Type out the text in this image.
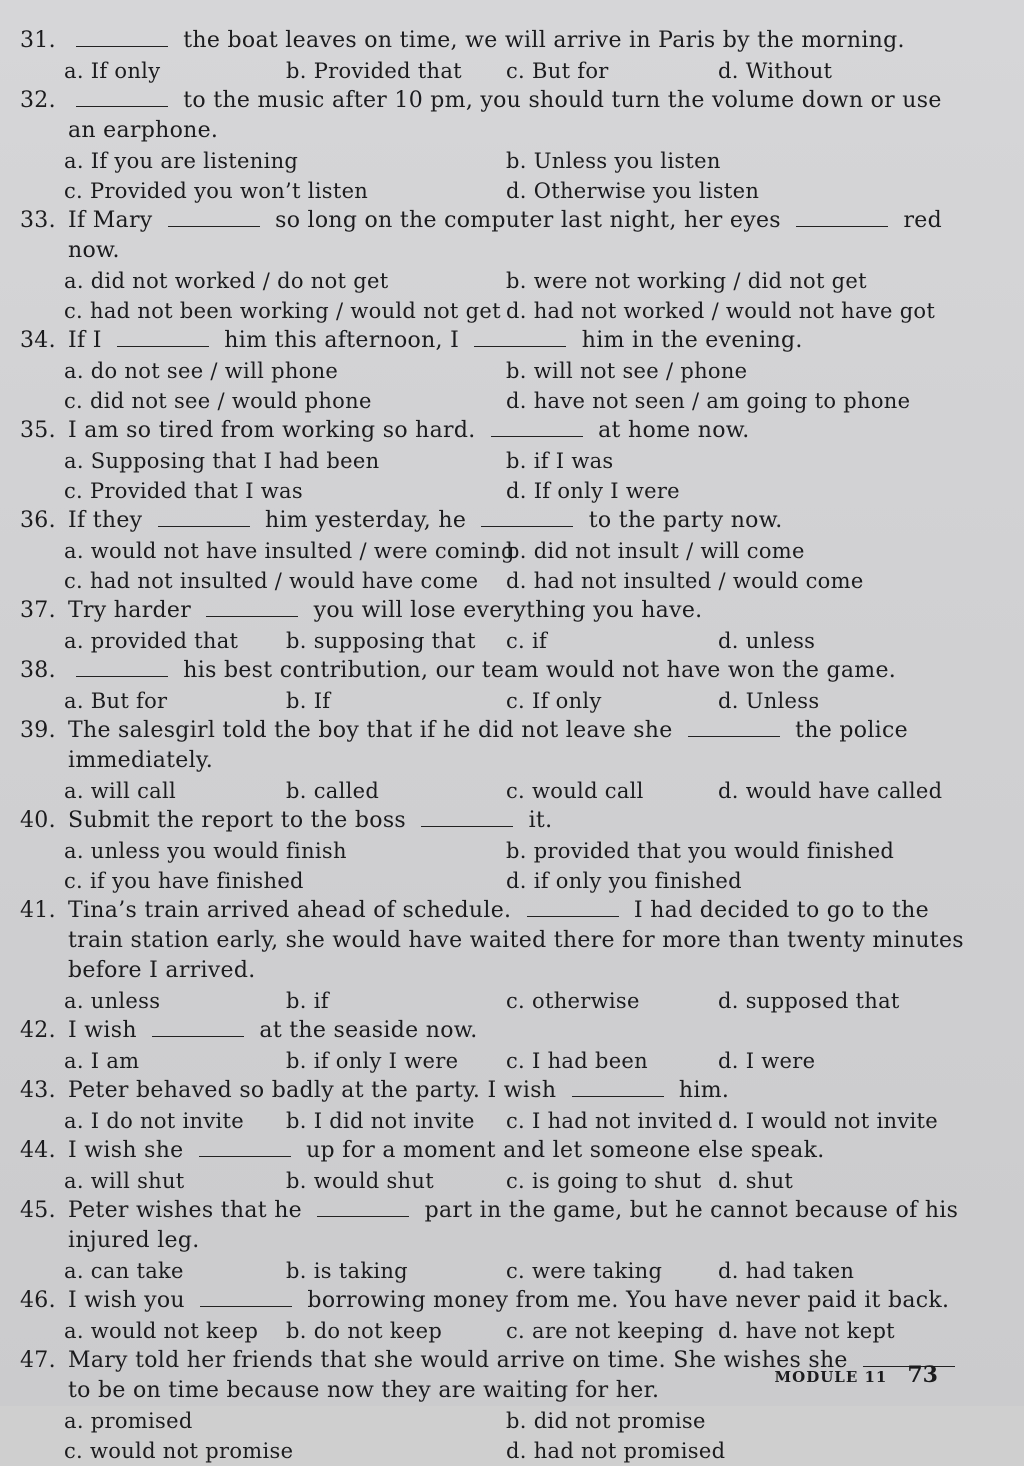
31.	the boat leaves on time, we will arrive in Paris by the morning.
a. If only	b. Provided that	c. But for	d. Without
32.	to the music after 10 pm, you should turn the volume down or use an earphone.
a. If you are listening	b. Unless you listen
c. Provided you won’t listen	d. Otherwise you listen
33. If Mary	so long on the computer last night, her eyes	red now.
a. did not worked / do not get	b. were not working / did not get
c. had not been working / would not get d. had not worked / would not have got
34. If I	him this afternoon, I	him in the evening.
a. do not see / will phone	b. will not see / phone
c. did not see / would phone	d. have not seen / am going to phone
35. I am so tired from working so hard.	at home now.
a. Supposing that I had been	b. if I was
c. Provided that I was	d. If only I were
36. If they	him yesterday, he	to the party now.
a. would not have insulted / were coming
b. did not insult / will come
c. had not insulted / would have come	d. had not insulted / would come
37. Try harder	you will lose everything you have.
a. provided that	b. supposing that	c. if	d. unless
38.	his best contribution, our team would not have won the game.
a. But for	b. If	c. If only	d. Unless
39. The salesgirl told the boy that if he did not leave she	the police immediately.
a. will call	b. called	c. would call	d. would have called
40. Submit the report to the boss	it.
a. unless you would finish	b. provided that you would finished
c. if you have finished	d. if only you finished
41. Tina’s train arrived ahead of schedule.	I had decided to go to the train station early, she would have waited there for more than twenty minutes before I arrived.
a. unless	b. if	c. otherwise	d. supposed that
42. I wish	at the seaside now.
a. I am	b. if only I were	c. I had been	d. I were
43. Peter behaved so badly at the party. I wish	him.
a. I do not invite	b. I did not invite	c. I had not invited d. I would not invite
44. I wish she	up for a moment and let someone else speak.
a. will shut	b. would shut	c. is going to shut d. shut
45. Peter wishes that he	part in the game, but he cannot because of his injured leg.
a. can take	b. is taking	c. were taking	d. had taken
46. I wish you	borrowing money from me. You have never paid it back.
a. would not keep	b. do not keep	c. are not keeping d. have not kept
47. Mary told her friends that she would arrive on time. She wishes she  to be on time because now they are waiting for her.
a. promised	b. did not promise
c. would not promise	d. had not promised
MODULE 11 73
